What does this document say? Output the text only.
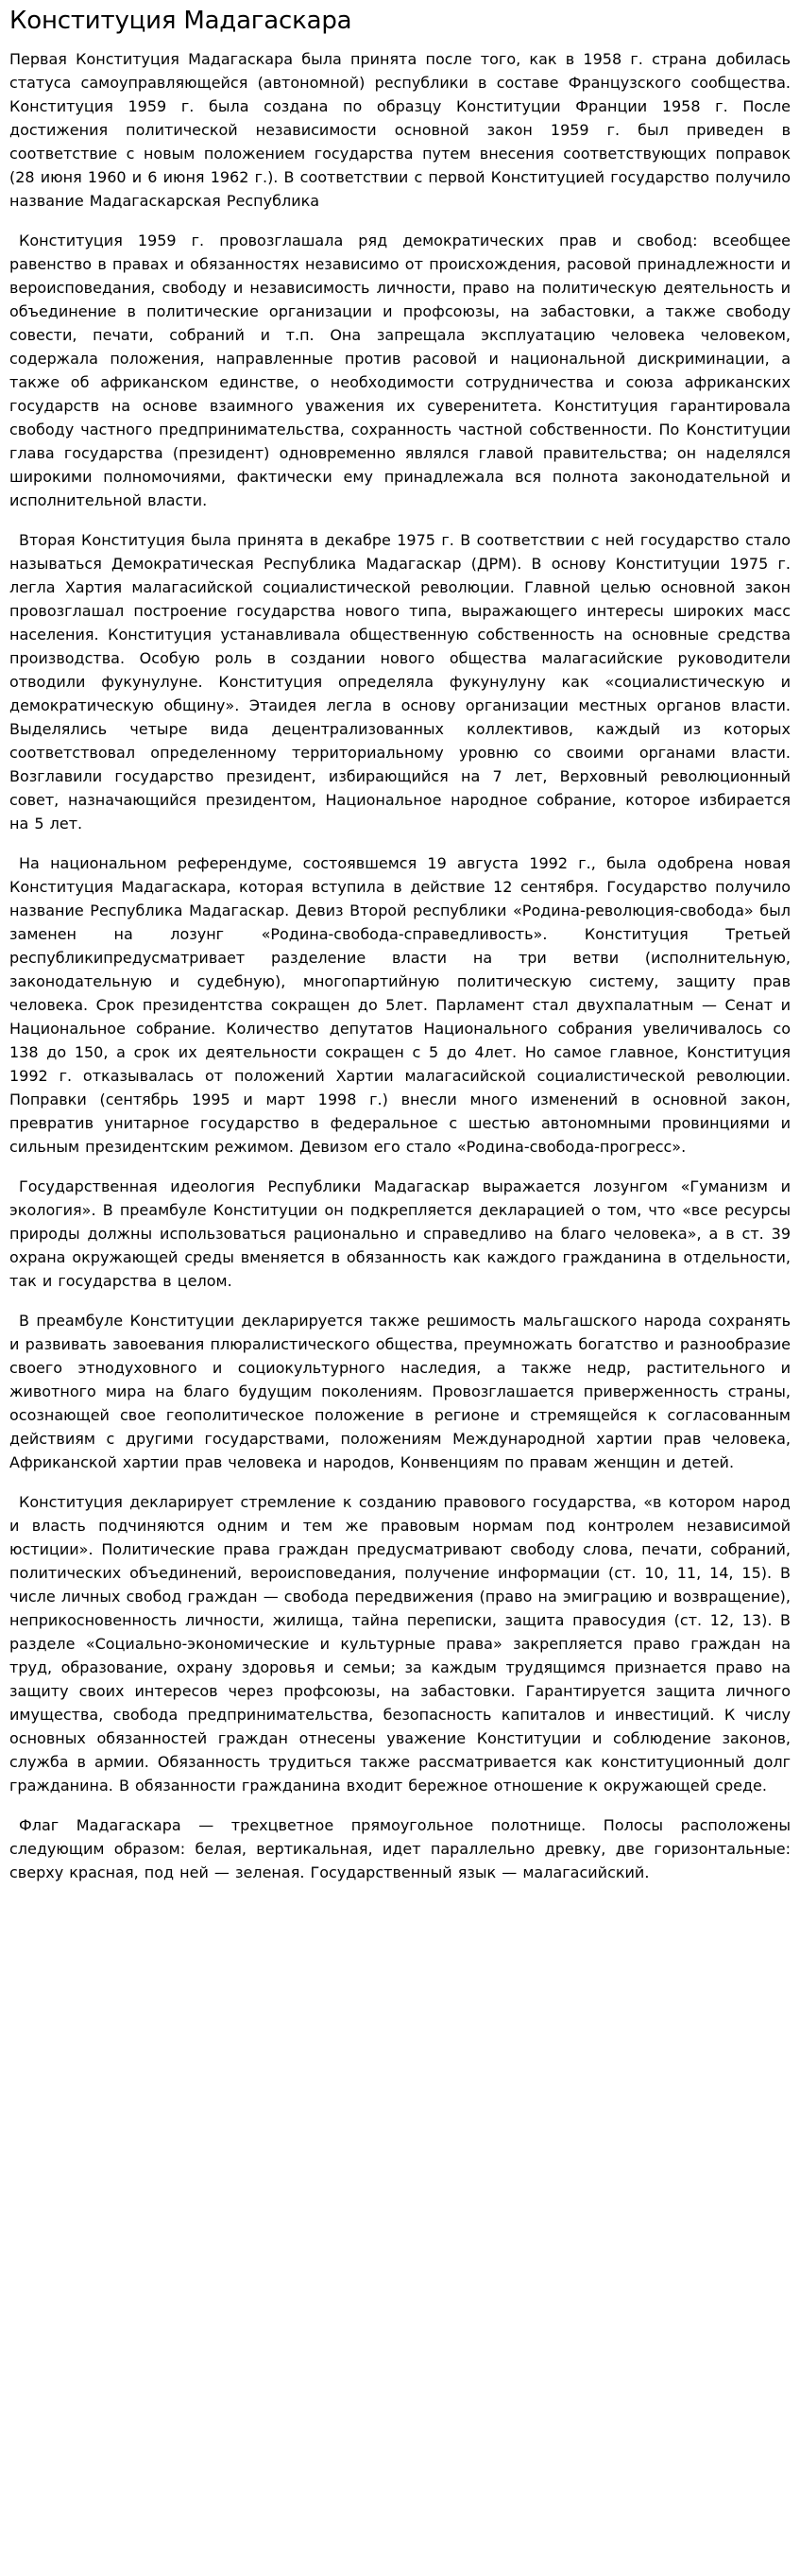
Конституция Мадагаскара

Первая Конституция Мадагаскара была принята после того, как в 1958 г. страна добилась статуса самоуправляющейся (автономной) республики в составе Французского сообщества. Конституция 1959 г. была создана по образцу Конституции Франции 1958 г. После достижения политической независимости основной закон 1959 г. был приведен в соответствие с новым положением государства путем внесения соответствующих поправок (28 июня 1960 и 6 июня 1962 г.). В соответствии с первой Конституцией государство получило название Мадагаскарская Республика

Конституция 1959 г. провозглашала ряд демократических прав и свобод: всеобщее равенство в правах и обязанностях независимо от происхождения, расовой принадлежности и вероисповедания, свободу и независимость личности, право на политическую деятельность и объединение в политические организации и профсоюзы, на забастовки, а также свободу совести, печати, собраний и т.п. Она запрещала эксплуатацию человека человеком, содержала положения, направленные против расовой и национальной дискриминации, а также об африканском единстве, о необходимости сотрудничества и союза африканских государств на основе взаимного уважения их суверенитета. Конституция гарантировала свободу частного предпринимательства, сохранность частной собственности. По Конституции глава государства (президент) одновременно являлся главой правительства; он наделялся широкими полномочиями, фактически ему принадлежала вся полнота законодательной и исполнительной власти.

Вторая Конституция была принята в декабре 1975 г. В соответствии с ней государство стало называться Демократическая Республика Мадагаскар (ДРМ). В основу Конституции 1975 г. легла Хартия малагасийской социалистической революции. Главной целью основной закон провозглашал построение государства нового типа, выражающего интересы широких масс населения. Конституция устанавливала общественную собственность на основные средства производства. Особую роль в создании нового общества малагасийские руководители отводили фукунулуне. Конституция определяла фукунулуну как «социалистическую и демократическую общину». Этаидея легла в основу организации местных органов власти. Выделялись четыре вида децентрализованных коллективов, каждый из которых соответствовал определенному территориальному уровню со своими органами власти. Возглавили государство президент, избирающийся на 7 лет, Верховный революционный совет, назначающийся президентом, Национальное народное собрание, которое избирается на 5 лет.

На национальном референдуме, состоявшемся 19 августа 1992 г., была одобрена новая Конституция Мадагаскара, которая вступила в действие 12 сентября. Государство получило название Республика Мадагаскар. Девиз Второй республики «Родина-революция-свобода» был заменен на лозунг «Родина-свобода-справедливость». Конституция Третьей республикипредусматривает разделение власти на три ветви (исполнительную, законодательную и судебную), многопартийную политическую систему, защиту прав человека. Срок президентства сокращен до 5лет. Парламент стал двухпалатным — Сенат и Национальное собрание. Количество депутатов Национального собрания увеличивалось со 138 до 150, а срок их деятельности сокращен с 5 до 4лет. Но самое главное, Конституция 1992 г. отказывалась от положений Хартии малагасийской социалистической революции. Поправки (сентябрь 1995 и март 1998 г.) внесли много изменений в основной закон, превратив унитарное государство в федеральное с шестью автономными провинциями и сильным президентским режимом. Девизом его стало «Родина-свобода-прогресс».

Государственная идеология Республики Мадагаскар выражается лозунгом «Гуманизм и экология». В преамбуле Конституции он подкрепляется декларацией о том, что «все ресурсы природы должны использоваться рационально и справедливо на благо человека», а в ст. 39 охрана окружающей среды вменяется в обязанность как каждого гражданина в отдельности, так и государства в целом.

В преамбуле Конституции декларируется также решимость мальгашского народа сохранять и развивать завоевания плюралистического общества, преумножать богатство и разнообразие своего этнодуховного и социокультурного наследия, а также недр, растительного и животного мира на благо будущим поколениям. Провозглашается приверженность страны, осознающей свое геополитическое положение в регионе и стремящейся к согласованным действиям с другими государствами, положениям Международной хартии прав человека, Африканской хартии прав человека и народов, Конвенциям по правам женщин и детей.

Конституция декларирует стремление к созданию правового государства, «в котором народ и власть подчиняются одним и тем же правовым нормам под контролем независимой юстиции». Политические права граждан предусматривают свободу слова, печати, собраний, политических объединений, вероисповедания, получение информации (ст. 10, 11, 14, 15). В числе личных свобод граждан — свобода передвижения (право на эмиграцию и возвращение), неприкосновенность личности, жилища, тайна переписки, защита правосудия (ст. 12, 13). В разделе «Социально-экономические и культурные права» закрепляется право граждан на труд, образование, охрану здоровья и семьи; за каждым трудящимся признается право на защиту своих интересов через профсоюзы, на забастовки. Гарантируется защита личного имущества, свобода предпринимательства, безопасность капиталов и инвестиций. К числу основных обязанностей граждан отнесены уважение Конституции и соблюдение законов, служба в армии. Обязанность трудиться также рассматривается как конституционный долг гражданина. В обязанности гражданина входит бережное отношение к окружающей среде.

Флаг Мадагаскара — трехцветное прямоугольное полотнище. Полосы расположены следующим образом: белая, вертикальная, идет параллельно древку, две горизонтальные: сверху красная, под ней — зеленая. Государственный язык — малагасийский.
